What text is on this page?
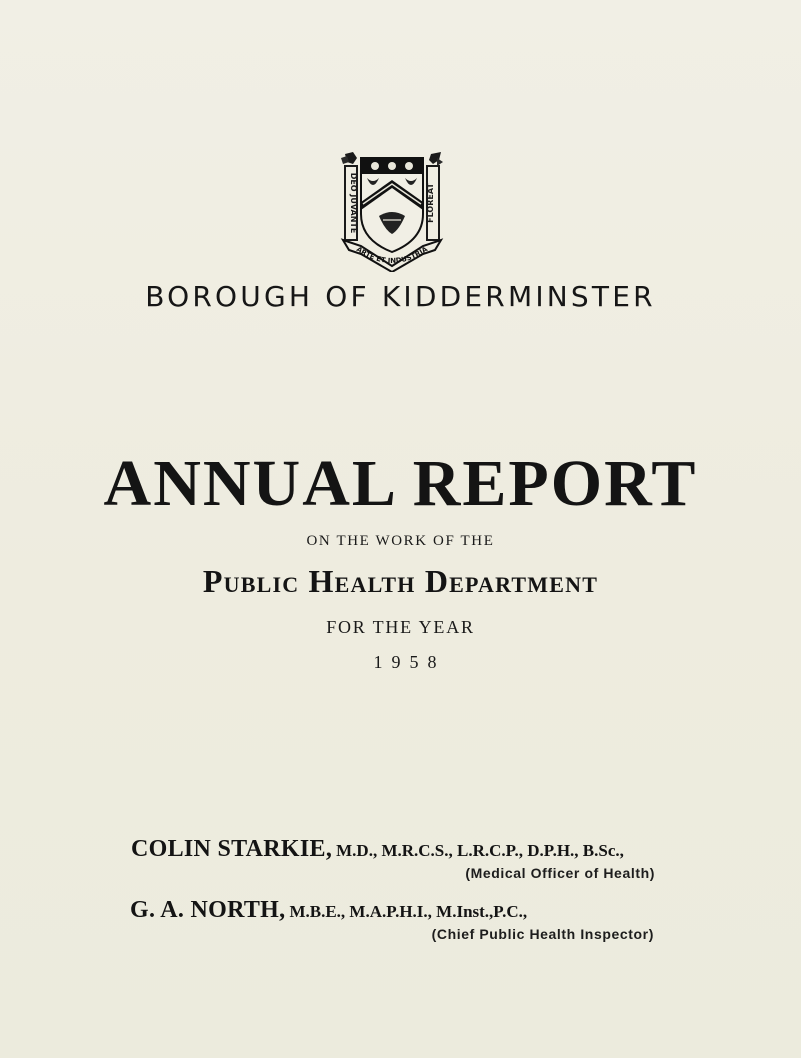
DEO JUVANTE	FLOREAT
ARTE ET INDUSTRIA
BOROUGH OF KIDDERMINSTER
ANNUAL REPORT
ON THE WORK OF THE
Public Health Department
FOR THE YEAR
1958
COLIN STARKIE, M.D., M.R.C.S., L.R.C.P., D.P.H., B.Sc.,
(Medical Officer of Health)
G. A. NORTH, M.B.E., M.A.P.H.I., M.Inst.,P.C.,
(Chief Public Health Inspector)
